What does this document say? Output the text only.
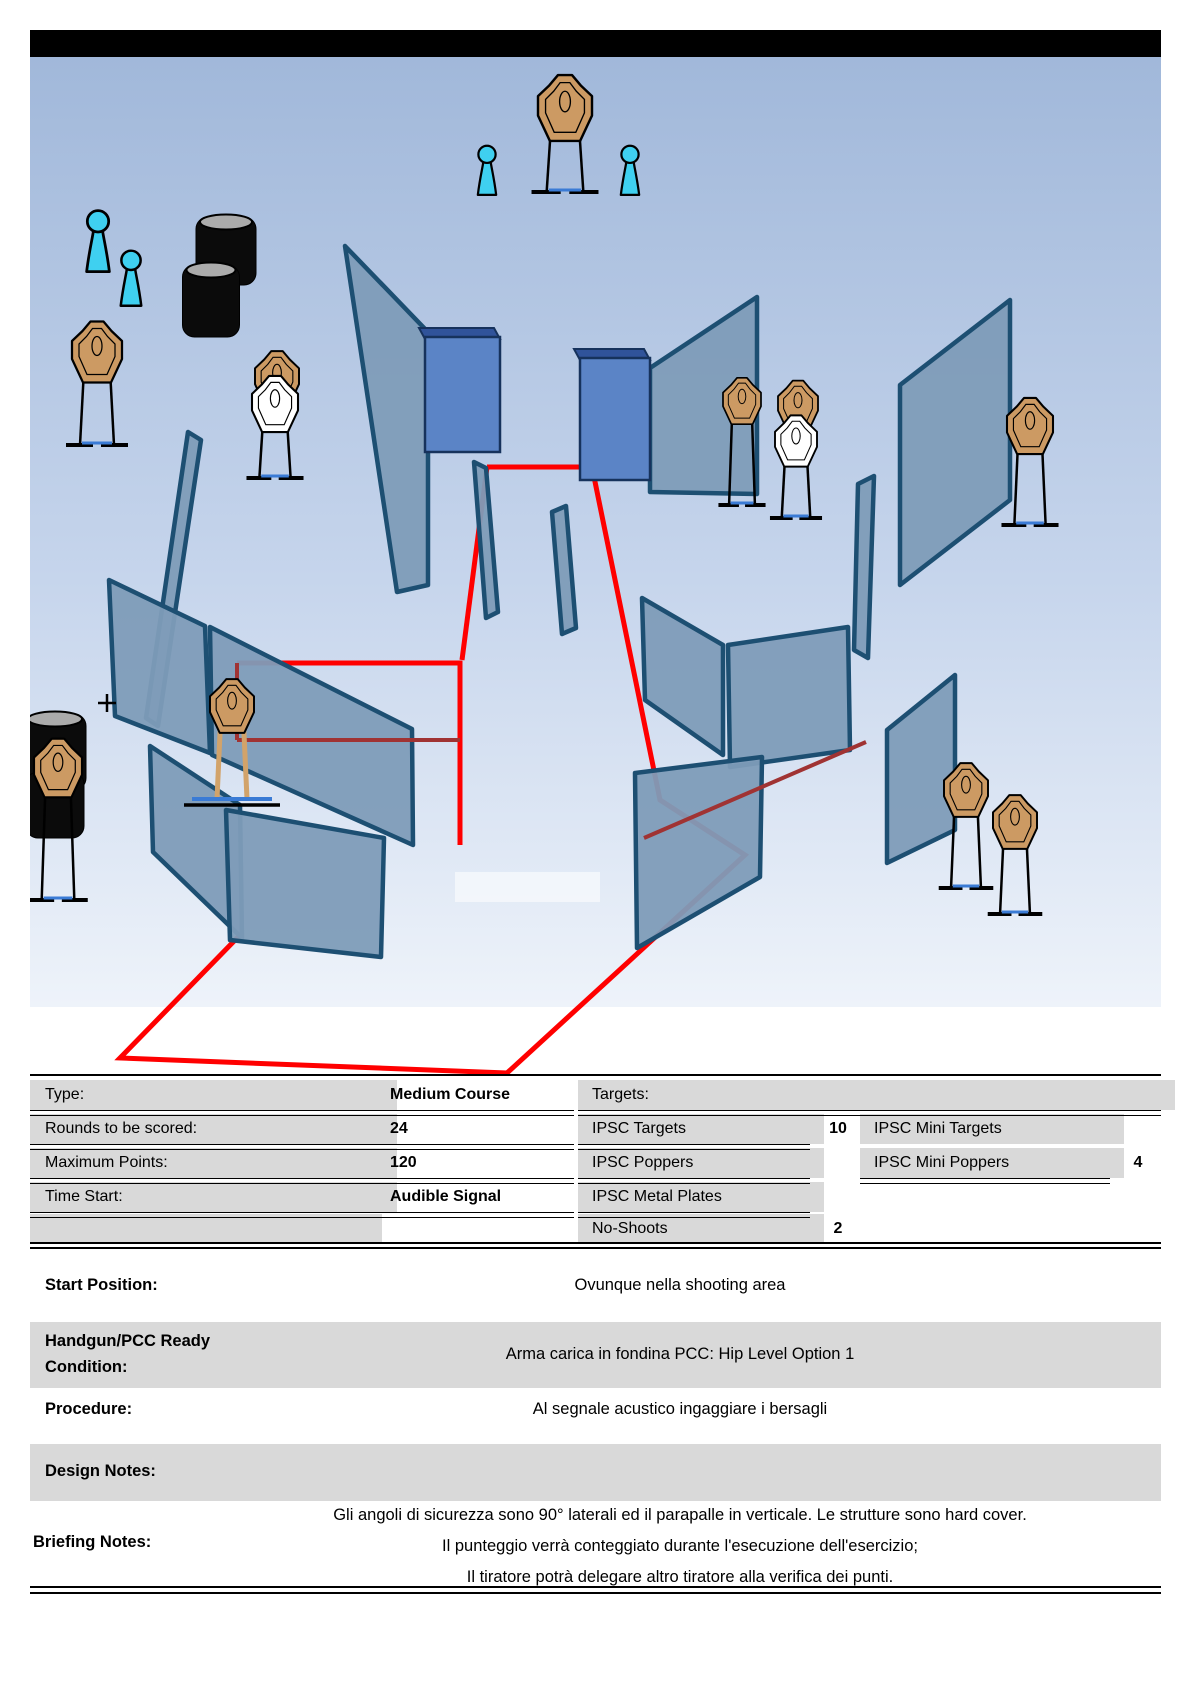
Type:	Medium Course	Targets:
Rounds to be scored:	24	IPSC Targets	10 IPSC Mini Targets
Maximum Points:	120	IPSC Poppers	IPSC Mini Poppers	4
Time Start:	Audible Signal	IPSC Metal Plates
No-Shoots	2
Start Position:	Ovunque nella shooting area
Handgun/PCC Ready
Condition:
Arma carica in fondina PCC: Hip Level Option 1
Procedure:	Al segnale acustico ingaggiare i bersagli
Design Notes:
Briefing Notes:
Gli angoli di sicurezza sono 90° laterali ed il parapalle in verticale. Le strutture sono hard cover.
Il punteggio verrà conteggiato durante l'esecuzione dell'esercizio;
Il tiratore potrà delegare altro tiratore alla verifica dei punti.
